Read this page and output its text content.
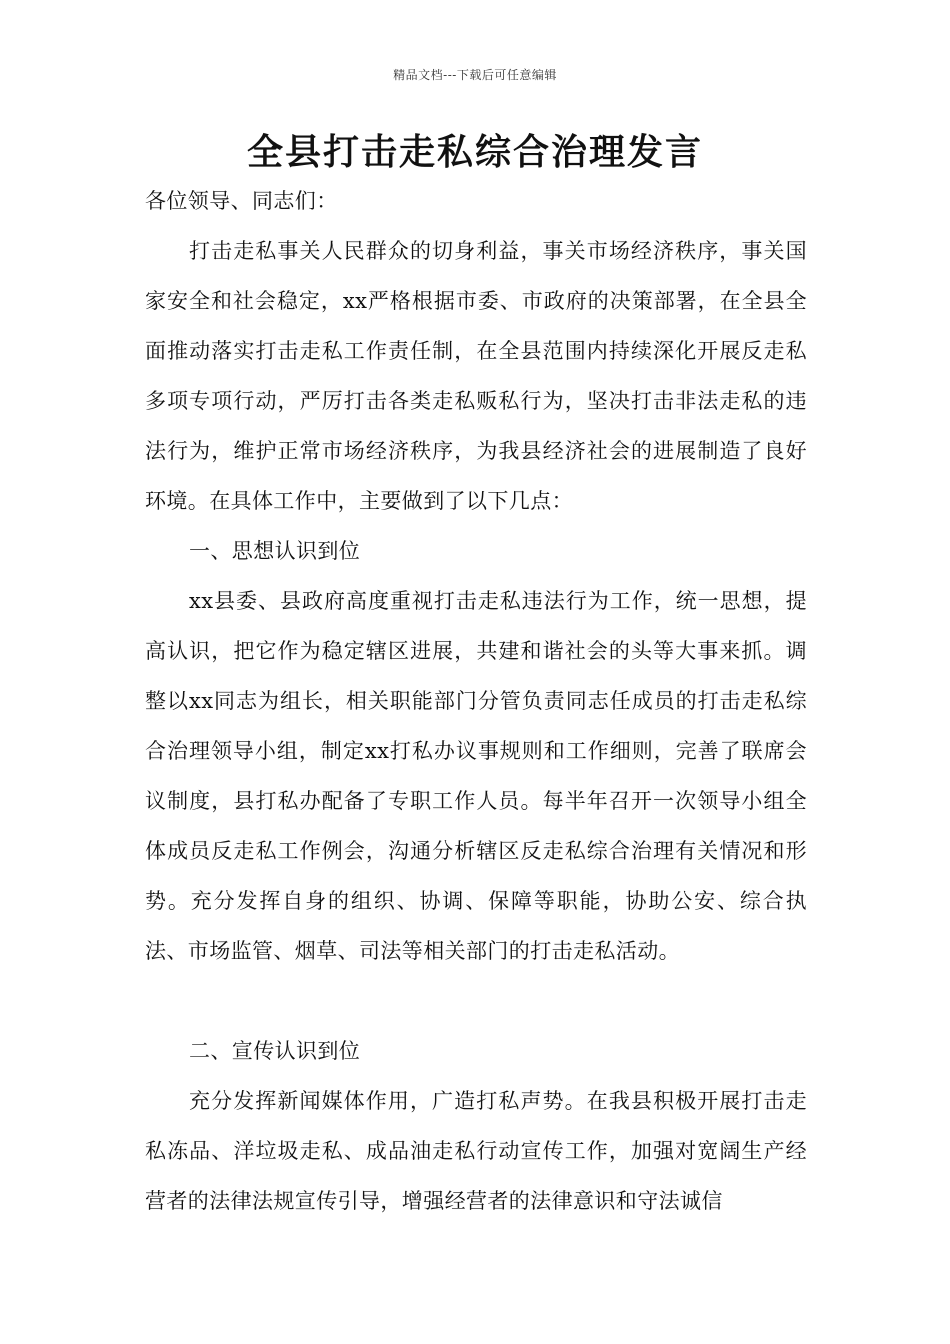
精品文档---下载后可任意编辑
全县打击走私综合治理发言

各位领导、同志们：

打击走私事关人民群众的切身利益，事关市场经济秩序，事关国家安全和社会稳定，xx严格根据市委、市政府的决策部署，在全县全面推动落实打击走私工作责任制，在全县范围内持续深化开展反走私多项专项行动，严厉打击各类走私贩私行为，坚决打击非法走私的违法行为，维护正常市场经济秩序，为我县经济社会的进展制造了良好环境。在具体工作中，主要做到了以下几点：

一、思想认识到位

xx县委、县政府高度重视打击走私违法行为工作，统一思想，提高认识，把它作为稳定辖区进展，共建和谐社会的头等大事来抓。调整以xx同志为组长，相关职能部门分管负责同志任成员的打击走私综合治理领导小组，制定xx打私办议事规则和工作细则，完善了联席会议制度，县打私办配备了专职工作人员。每半年召开一次领导小组全体成员反走私工作例会，沟通分析辖区反走私综合治理有关情况和形势。充分发挥自身的组织、协调、保障等职能，协助公安、综合执法、市场监管、烟草、司法等相关部门的打击走私活动。

二、宣传认识到位

充分发挥新闻媒体作用，广造打私声势。在我县积极开展打击走私冻品、洋垃圾走私、成品油走私行动宣传工作，加强对宽阔生产经营者的法律法规宣传引导，增强经营者的法律意识和守法诚信
